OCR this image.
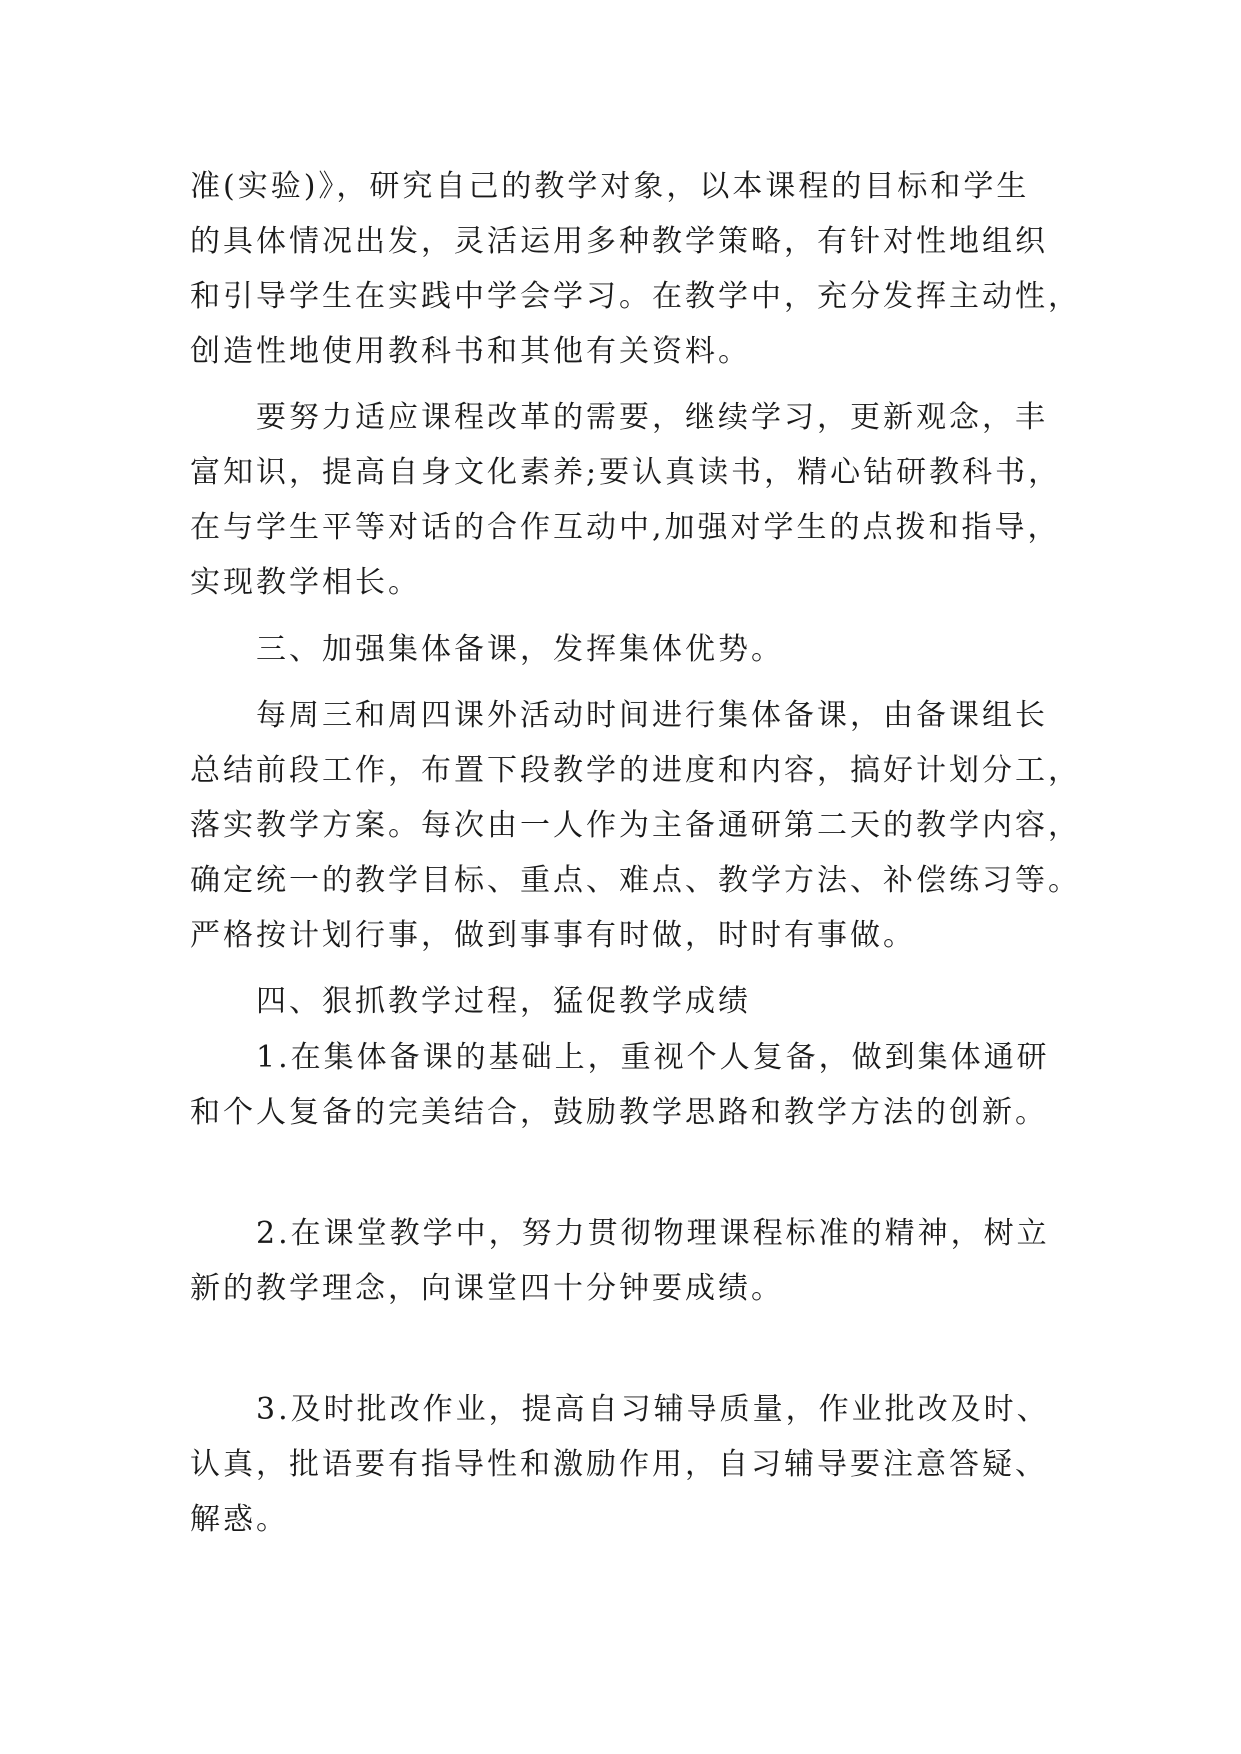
准(实验)》，研究自己的教学对象，以本课程的目标和学生
的具体情况出发，灵活运用多种教学策略，有针对性地组织
和引导学生在实践中学会学习。在教学中，充分发挥主动性，
创造性地使用教科书和其他有关资料。
要努力适应课程改革的需要，继续学习，更新观念，丰
富知识，提高自身文化素养;要认真读书，精心钻研教科书，
在与学生平等对话的合作互动中,加强对学生的点拨和指导，
实现教学相长。
三、加强集体备课，发挥集体优势。
每周三和周四课外活动时间进行集体备课，由备课组长
总结前段工作，布置下段教学的进度和内容，搞好计划分工，
落实教学方案。每次由一人作为主备通研第二天的教学内容，
确定统一的教学目标、重点、难点、教学方法、补偿练习等。
严格按计划行事，做到事事有时做，时时有事做。
四、狠抓教学过程，猛促教学成绩
1.在集体备课的基础上，重视个人复备，做到集体通研
和个人复备的完美结合，鼓励教学思路和教学方法的创新。
2.在课堂教学中，努力贯彻物理课程标准的精神，树立
新的教学理念，向课堂四十分钟要成绩。
3.及时批改作业，提高自习辅导质量，作业批改及时、
认真，批语要有指导性和激励作用，自习辅导要注意答疑、
解惑。
